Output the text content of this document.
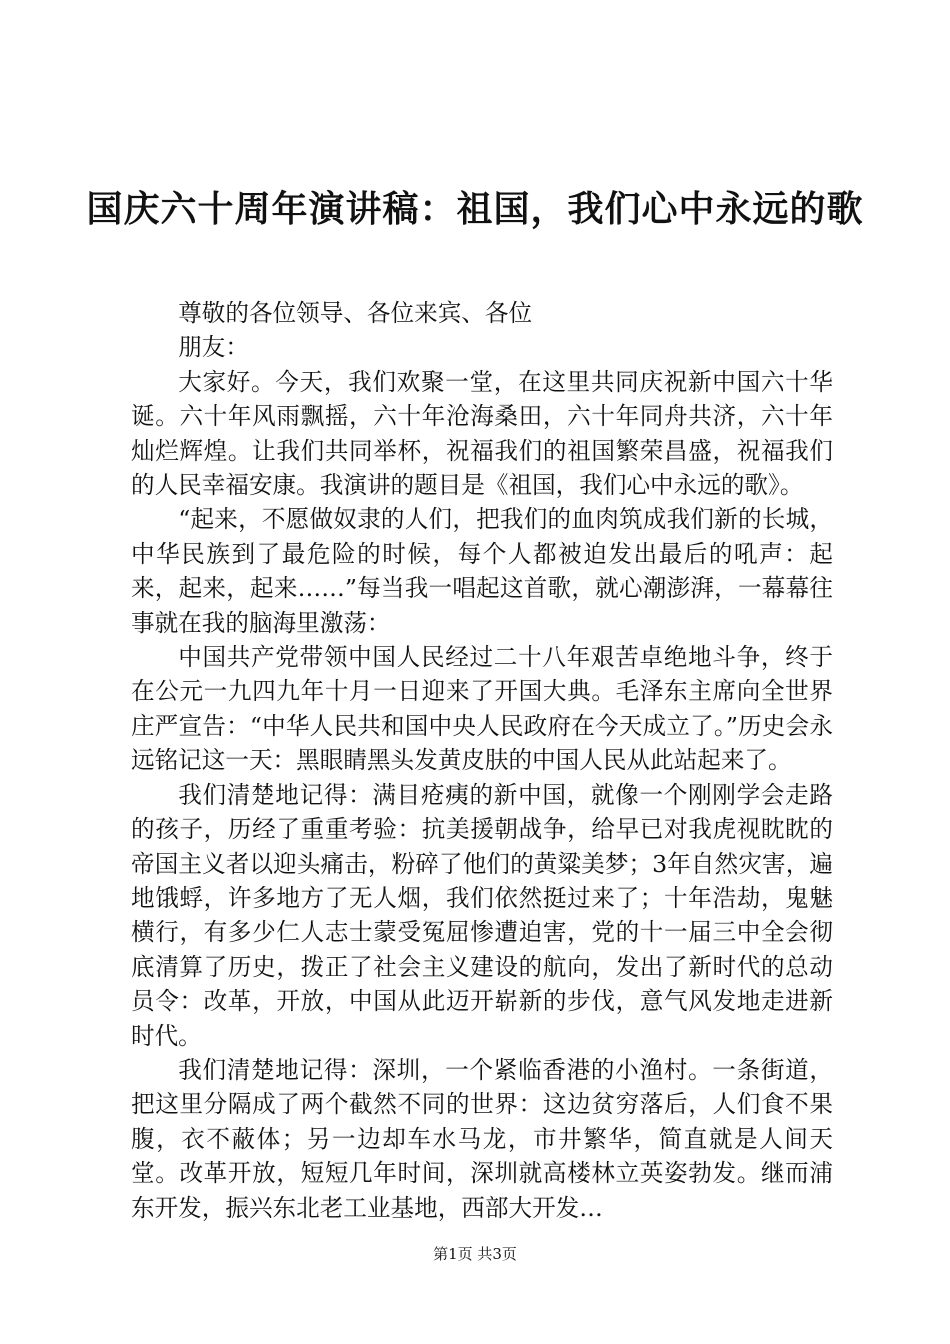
国庆六十周年演讲稿：祖国，我们心中永远的歌

尊敬的各位领导、各位来宾、各位

朋友：

大家好。今天，我们欢聚一堂，在这里共同庆祝新中国六十华诞。六十年风雨飘摇，六十年沧海桑田，六十年同舟共济，六十年灿烂辉煌。让我们共同举杯，祝福我们的祖国繁荣昌盛，祝福我们的人民幸福安康。我演讲的题目是《祖国，我们心中永远的歌》。

“起来，不愿做奴隶的人们，把我们的血肉筑成我们新的长城，中华民族到了最危险的时候，每个人都被迫发出最后的吼声：起来，起来，起来……”每当我一唱起这首歌，就心潮澎湃，一幕幕往事就在我的脑海里激荡：

中国共产党带领中国人民经过二十八年艰苦卓绝地斗争，终于在公元一九四九年十月一日迎来了开国大典。毛泽东主席向全世界庄严宣告：“中华人民共和国中央人民政府在今天成立了。”历史会永远铭记这一天：黑眼睛黑头发黄皮肤的中国人民从此站起来了。

我们清楚地记得：满目疮痍的新中国，就像一个刚刚学会走路的孩子，历经了重重考验：抗美援朝战争，给早已对我虎视眈眈的帝国主义者以迎头痛击，粉碎了他们的黄粱美梦；3年自然灾害，遍地饿蜉，许多地方了无人烟，我们依然挺过来了；十年浩劫，鬼魅横行，有多少仁人志士蒙受冤屈惨遭迫害，党的十一届三中全会彻底清算了历史，拨正了社会主义建设的航向，发出了新时代的总动员令：改革，开放，中国从此迈开崭新的步伐，意气风发地走进新时代。

我们清楚地记得：深圳，一个紧临香港的小渔村。一条街道，把这里分隔成了两个截然不同的世界：这边贫穷落后，人们食不果腹，衣不蔽体；另一边却车水马龙，市井繁华，简直就是人间天堂。改革开放，短短几年时间，深圳就高楼林立英姿勃发。继而浦东开发，振兴东北老工业基地，西部大开发…

第1页 共3页
